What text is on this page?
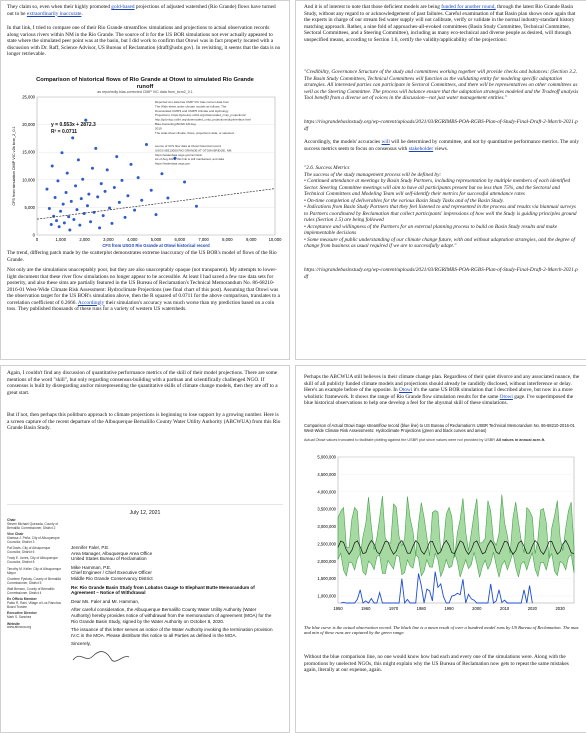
They claim so, even when their highly promoted gold-based projections of adjusted watershed (Rio Grande) flows have turned out to be extraordinarily inaccurate.

In that link, I tried to compare one of their Rio Grande streamflow simulations and projections to actual observation records along various rivers within NM in the Rio Grande. The source of it for the US BOR simulations not ever actually appeared to state where the simulated peer point was at the basin, but I did work to confirm that Otowi was in fact properly located with a discussion with Dr. Raff, Science Advisor, US Bureau of Reclamation (draff@usbr.gov). In revisiting, it seems that the data is no longer retrievable.

Comparison of historical flows of Rio Grande at Otowi to simulated Rio Grande
runoff
as reportedly bias-corrected CMIP VIC data from_bcm2_0.1
0
5,000
10,000
15,000
20,000
25,000
0	1,000	2,000	3,000	4,000	5,000	6,000	7,000	8,000	9,000	10,000
CFS from USGS Rio Grande at Otowi historical record
CFS from simulation CMIP VIC v2b bcm_2_0.1
Reported sim data has CMIP VIC bias correct data from
The Wide-sheet under climate models as follows. The
Downscaled CMIP3 and CMIP5 Climate and Hydrology
Projections, https://gdo-dcp.ucllnl.org/downscaled_cmip_projections/
http://gdo-dcp.ucllnl.org/downscaled_cmip_projections/dcpInterface.html
Bias-Correcting BCSD 1/8 deg
2019
The wide-sheet climate, flows, projections data, or selected...
source of CFS flow data at Otowi historical record
USGS 08313000 RIO GRANDE AT OTOWI BRIDGE, NM
https://waterdata.usgs.gov/nm/nwis
As of Aug 2021, this link is still maintained, and data
https://waterdata.usgs.gov
y = 0.553x + 2872.3
R² = 0.0711

The trend, differing patch made by the scatterplot demonstrates extreme inaccuracy of the US BOR's model of flows of the Rio Grande.

Not only are the simulations unacceptably poor, but they are also unacceptably opaque (not transparent). My attempts to lower-light document that these river flow simulations no longer appear to be accessible. At least I had saved a few raw data sets for posterity, and also these sims are partially featured in the US Bureau of Reclamation's Technical Memorandum No. 86-68210-2016-01 West-Wide Climate Risk Assessment: Hydroclimate Projections (see final chart of this post). Assuming that Otowi was the observation target for the US BOR's simulation above, then the R squared of 0.0711 for the above comparison, translates to a correlation coefficient of 0.2666. Accordingly their simulation's accuracy was much worse than my prediction based on a coin toss. They published thousands of these runs for a variety of western US watersheds.

And it is of interest to note that those deficient models are being funded for another round, through the latest Rio Grande Basin Study, without any regard to or acknowledgement of past failures. Careful examination of that Basin plan shows once again that the experts in charge of our stream fed water supply will not calibrate, verify or validate in the normal industry-standard history matching approach. Rather, a nine fold of approaches-all-evoked committees (Basin Study Committee, Technical Committee, Sectoral Committees, and a Steering Committee), including as many eco-technical and diverse people as desired, will through unspecified means, according to Section 1.6, certify the validity/applicability of the projections:

"Credibility, Governance Structure of the study and committees working together will provide checks and balances: (Section 3.2. The Basin Study Committees, Technical Committees will function as the validating entity for modeling specific adaptation strategies. All interested parties can participate in Sectoral Committees, and there will be representatives on other committees as well as the Steering Committee. The process will balance ensure that the adaptation strategies modeled and the Tradeoff analysis Tool benefit from a diverse set of voices in the discussion—not just water management entities."

https://riograndebasinstudy.org/wp-content/uploads/2021/03/RGRIMBS-POA-RGBS-Plan-of-Study-Final-Draft-2-March-2021.pdf

Accordingly, the models' accuracies will will be determined by committee, and not by quantitative performance metrics. The only success metrics seem to focus on consensus with stakeholder views.

"2.6. Success Metrics
The success of the study management process will be defined by:
• Continued attendance at meetings by Basin Study Partners, including representation by multiple members of each identified Sector. Steering Committee meetings will aim to have all participants present but no less than 75%, and the Sectoral and Technical Committees and Modeling Team will self-identify their metrics for successful attendance rates
• On-time completion of deliverables for the various Basin Study Tasks and of the Basin Study.
• Indications from Basin Study Partners that they feel listened to and represented in the process and results via biannual surveys to Partners coordinated by Reclamation that collect participants' impressions of how well the Study is guiding principles ground rules (Section 1.5) are being followed
• Acceptance and willingness of the Partners for an external planning process to build on Basin Study results and make implementable decisions
• Some measure of public understanding of our climate change future, with and without adaptation strategies, and the degree of change from business as usual required if we are to successfully adapt."

https://riograndebasinstudy.org/wp-content/uploads/2021/03/RGRIMBS-POA-RGBS-Plan-of-Study-Final-Draft-2-March-2021.pdf

Again, I couldn't find any discussion of quantitative performance metrics of the skill of their model projections. There are some mentions of the word "skill", but only regarding consensus-building with a partisan and scientifically challenged NGO. If consensus is built by disregarding and/or misrepresenting the quantitative skills of climate change models, then they are off to a great start.

But if not, then perhaps this politburo approach to climate projections is beginning to lose support by a growing number. Here is a screen capture of the recent departure of the Albuquerque Bernalillo County Water Utility Authority (ABCWUA) from this Rio Grande Basin Study.

July 12, 2021
Chair
Steven Michael Quezada, County of Bernalillo Commissioner, District 2
Vice Chair
Klarissa J. Peña, City of Albuquerque Councilor, District 3
Pat Davis, City of Albuquerque Councilor, District 6
Trudy E. Jones, City of Albuquerque Councilor, District 8
Timothy M. Keller, City of Albuquerque Mayor
Charlene Pyskoty, County of Bernalillo Commissioner, District 5
Walt Benson, County of Bernalillo Commissioner, District 4
Ex Officio Member
Pablo R. Rael, Village of Los Ranchos Board Trustee
Executive Director
Mark S. Sanchez
Website
www.abcwua.org

Jennifer Faler, P.E.
Area Manager, Albuquerque Area Office
United States Bureau of Reclamation

Mike Hamman, P.E.
Chief Engineer / Chief Executive Officer
Middle Rio Grande Conservancy District

Re: Rio Grande Basin Study from Lobatos Gauge to Elephant Butte Memorandum of Agreement – Notice of Withdrawal

Dear Ms. Faler and Mr. Hamman,

After careful consideration, the Albuquerque Bernalillo County Water Utility Authority (Water Authority) hereby provides notice of withdrawal from the memorandum of agreement (MOA) for the Rio Grande Basin Study, signed by the Water Authority on October 8, 2020.

The issuance of this letter serves as notice of the Water Authority invoking the termination provision IV.C in the MOA. Please distribute this notice to all Parties as defined in the MOA.

Sincerely,

Perhaps the ABCWUA still believes in their climate change plan. Regardless of their quiet divorce and any associated nuance, the skill of all publicly funded climate models and projections should already be candidly disclosed, without interference or delay. Here's an example before of the opposite. In Otowi it's the same US BOR simulation that I described above, but now in a more wholistic framework. It shows the range of Rio Grande flow simulation results for the same Otowi gage. I've superimposed the blue historical observations to help one develop a feel for the abysmal skill of these simulations.

Comparison of Actual Otowi Gage streamflow record (blue line) to US Bureau of Reclamation's USBR Technical Memorandum No. 86-68210-2016-01 West-Wide Climate Risk Assessments: Hydroclimate Projections (green and black curves and areas)

Actual Otowi values truncated to facilitate plotting against the USBR plot since values were not provided by USBR All values in annual acre-ft.

1,000,000
1,500,000
2,000,000
2,500,000
3,000,000
3,500,000
4,000,000
4,500,000
5,000,000
1950	1960	1970	1980	1990	2000	2010	2020	2030

The blue curve is the actual observation record. The black line is a mean result of over a hundred model runs by US Bureau of Reclamation. The max and min of these runs are captured by the green range.

Without the blue comparison line, no one would know how bad each and every one of the simulations were. Along with the promotions by unelected NGOs, this might explain why the US Bureau of Reclamation now gets to repeat the same mistakes again, literally at our expense, again.
